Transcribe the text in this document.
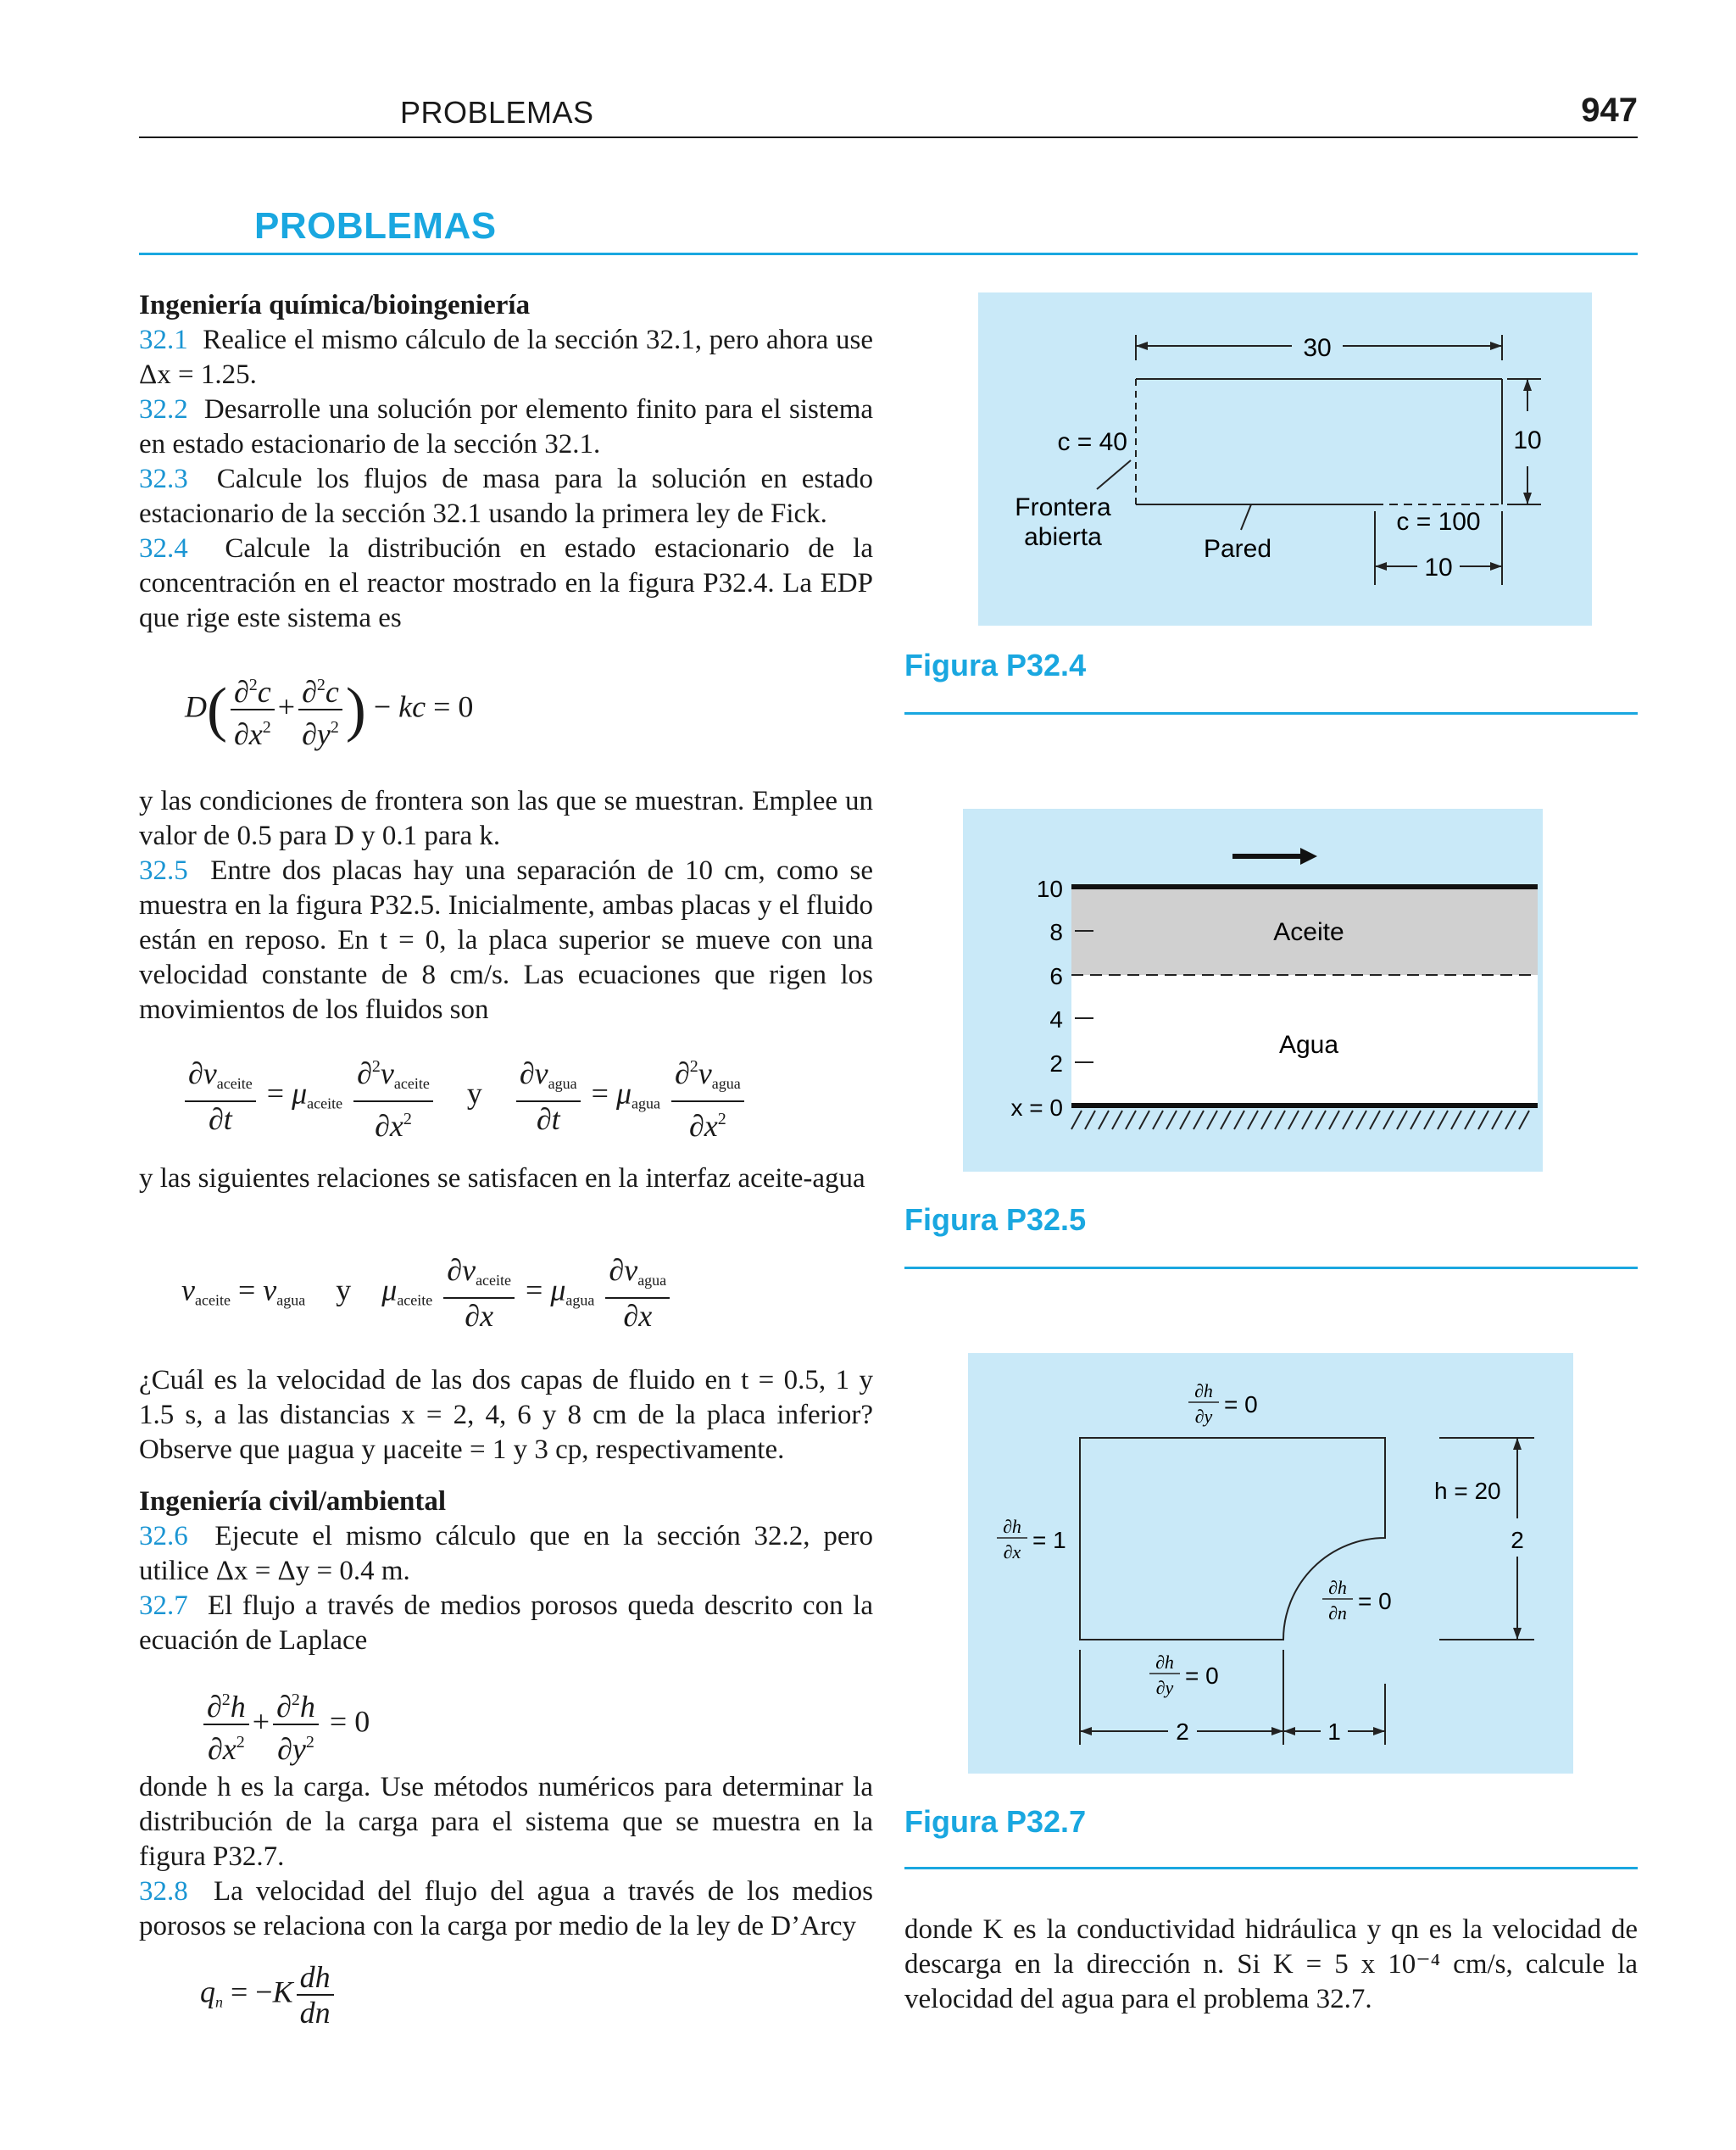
PROBLEMAS	947
PROBLEMAS

Ingeniería química/bioingeniería

32.1 Realice el mismo cálculo de la sección 32.1, pero ahora use Δx = 1.25.

32.2 Desarrolle una solución por elemento finito para el sistema en estado estacionario de la sección 32.1.

32.3 Calcule los flujos de masa para la solución en estado estacionario de la sección 32.1 usando la primera ley de Fick.

32.4 Calcule la distribución en estado estacionario de la concentración en el reactor mostrado en la figura P32.4. La EDP que rige este sistema es

$D( \frac{\partial^2c}{\partial x^2} + \frac{\partial^2c}{\partial y^2}$ ) − kc = 0

y las condiciones de frontera son las que se muestran. Emplee un valor de 0.5 para D y 0.1 para k.

32.5 Entre dos placas hay una separación de 10 cm, como se muestra en la figura P32.5. Inicialmente, ambas placas y el fluido están en reposo. En t = 0, la placa superior se mueve con una velocidad constante de 8 cm/s. Las ecuaciones que rigen los movimientos de los fluidos son

$\frac{\partial v_{aceite}}{\partial t} = \mu_{aceite} \frac{\partial^2v_{aceite}}{\partial x^2}$ y $\frac{\partial v_{agua}}{\partial t} = \mu_{agua} \frac{\partial^2v_{agua}}{\partial x^2}$

y las siguientes relaciones se satisfacen en la interfaz aceite-agua

$v_{aceite} = v_{agua}$    y    $\mu_{aceite} \frac{\partial v_{aceite}}{\partial x} = \mu_{agua} \frac{\partial v_{agua}}{\partial x}$

¿Cuál es la velocidad de las dos capas de fluido en t = 0.5, 1 y 1.5 s, a las distancias x = 2, 4, 6 y 8 cm de la placa inferior? Observe que μagua y μaceite = 1 y 3 cp, respectivamente.

Ingeniería civil/ambiental

32.6 Ejecute el mismo cálculo que en la sección 32.2, pero utilice Δx = Δy = 0.4 m.

32.7 El flujo a través de medios porosos queda descrito con la ecuación de Laplace

$\frac{\partial^2h}{\partial x^2} + \frac{\partial^2h}{\partial y^2} = 0$

donde h es la carga. Use métodos numéricos para determinar la distribución de la carga para el sistema que se muestra en la figura P32.7.

32.8 La velocidad del flujo del agua a través de los medios porosos se relaciona con la carga por medio de la ley de D’Arcy

$q_n = -K \frac{dh}{dn}$
30
10
c = 40
Frontera
abierta	Pared
c = 100
10
Figura P32.4
10
8
6
4
2
x = 0
Aceite
Agua
Figura P32.5
2
h = 20
∂h
∂y = 0
∂h
∂x = 1
∂h
∂n = 0
∂h
∂y = 0
2	1
Figura P32.7

donde K es la conductividad hidráulica y qn es la velocidad de descarga en la dirección n. Si K = 5 x 10⁻⁴ cm/s, calcule la velocidad del agua para el problema 32.7.
